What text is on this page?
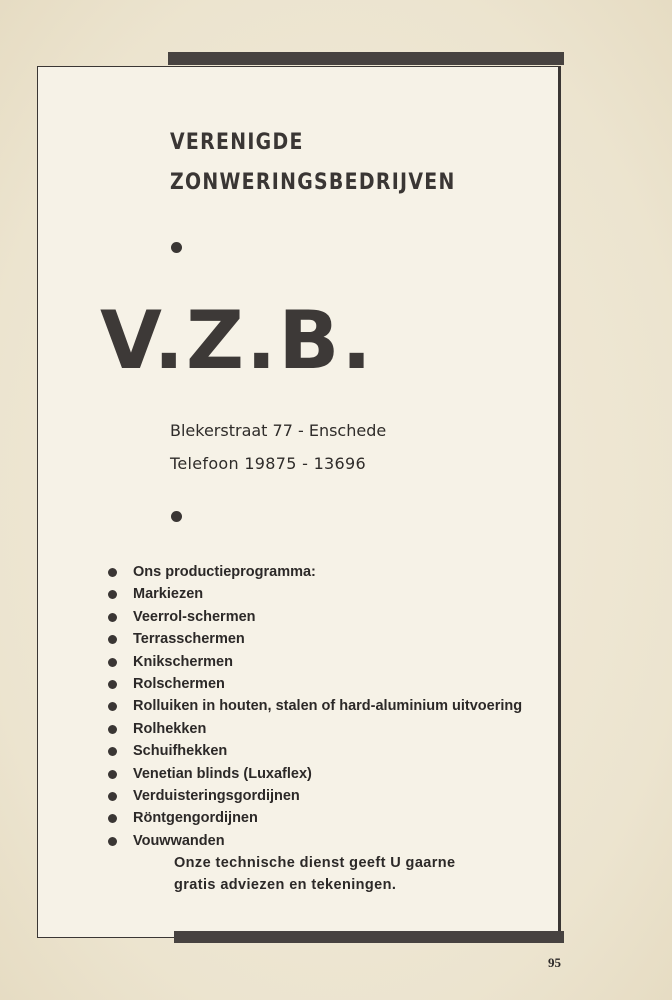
VERENIGDE
ZONWERINGSBEDRIJVEN
V.Z.B.
Blekerstraat 77 - Enschede
Telefoon 19875 - 13696
Ons productieprogramma:
Markiezen
Veerrol-schermen
Terrasschermen
Knikschermen
Rolschermen
Rolluiken in houten, stalen of hard-aluminium uitvoering
Rolhekken
Schuifhekken
Venetian blinds (Luxaflex)
Verduisteringsgordijnen
Röntgengordijnen
Vouwwanden
Onze technische dienst geeft U gaarne
gratis adviezen en tekeningen.
95
